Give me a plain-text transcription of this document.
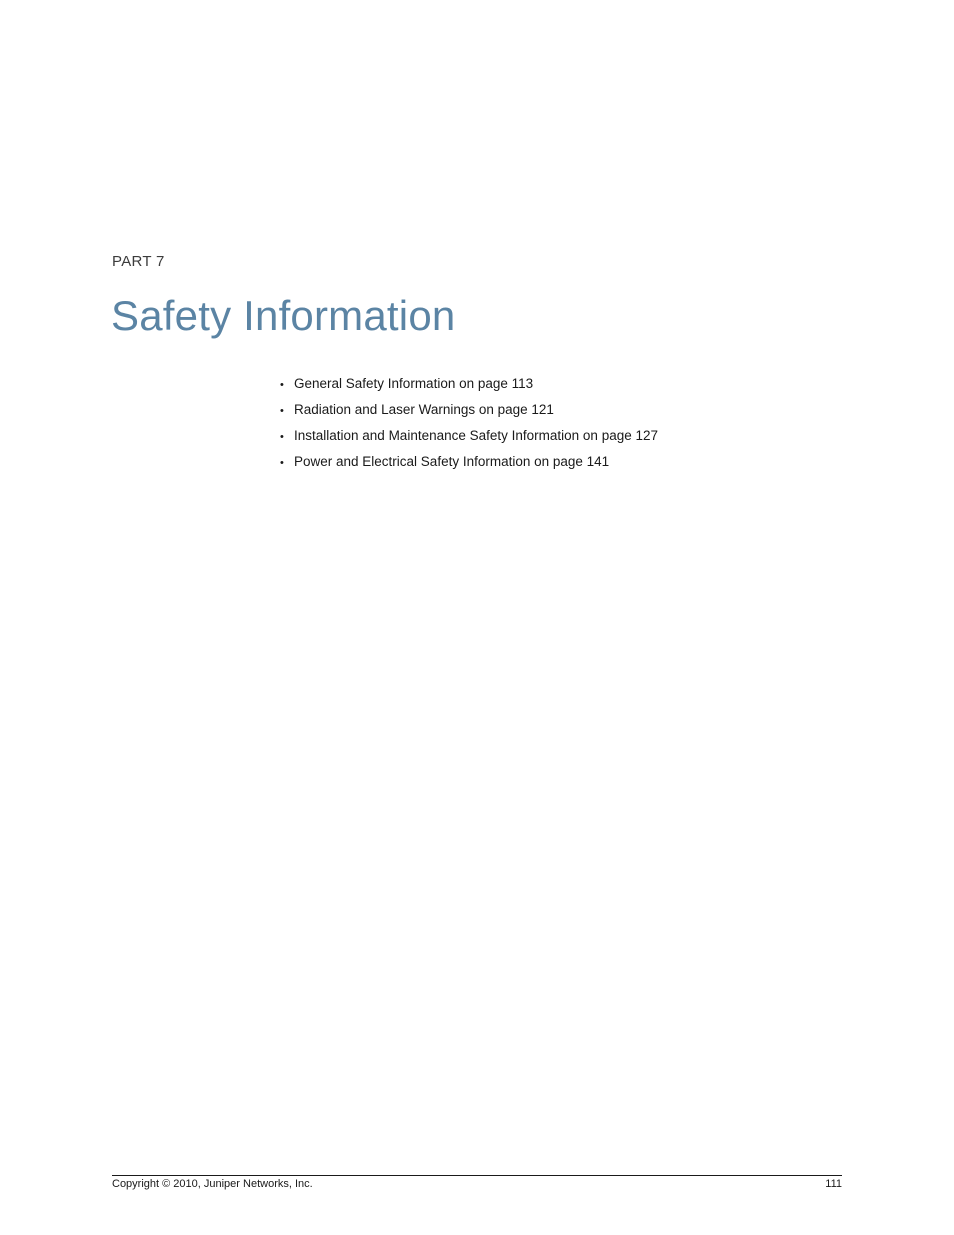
PART 7
Safety Information
• General Safety Information on page 113
• Radiation and Laser Warnings on page 121
• Installation and Maintenance Safety Information on page 127
• Power and Electrical Safety Information on page 141
Copyright © 2010, Juniper Networks, Inc.	111
